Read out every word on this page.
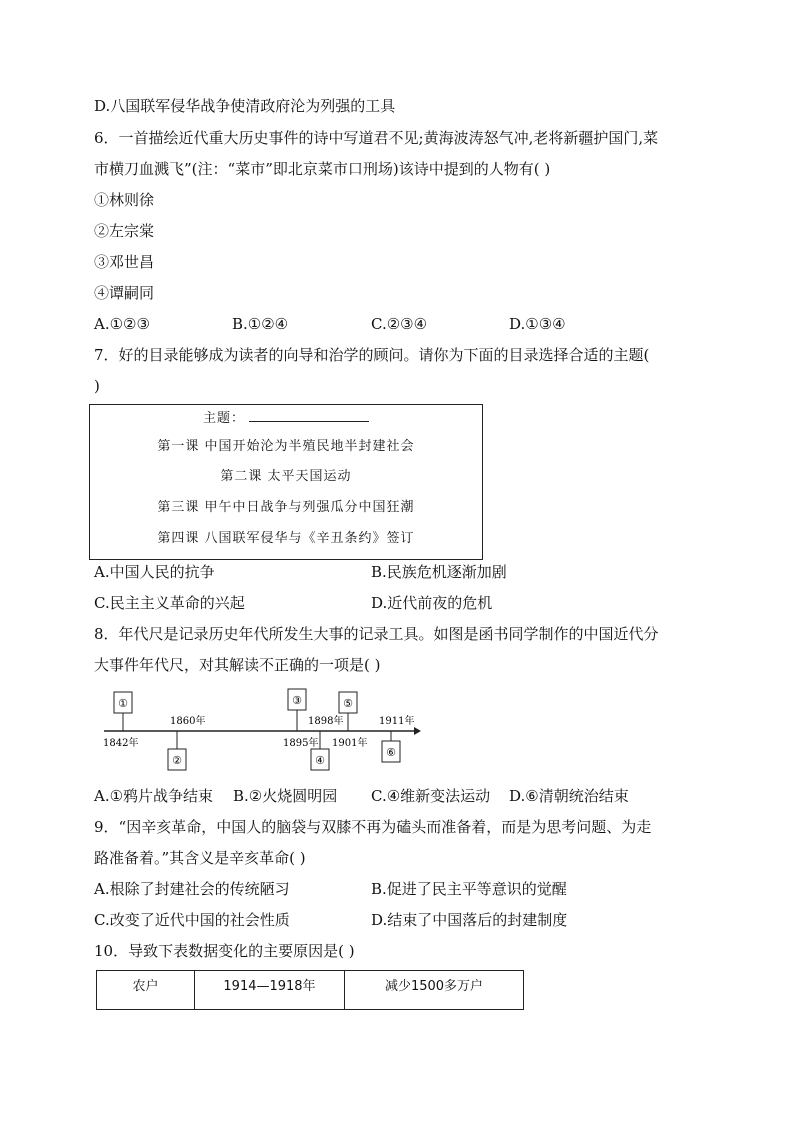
D.八国联军侵华战争使清政府沦为列强的工具
6．一首描绘近代重大历史事件的诗中写道君不见;黄海波涛怒气冲,老将新疆护国门,菜
市横刀血溅飞”(注：“菜市”即北京菜市口刑场)该诗中提到的人物有( )
①林则徐
②左宗棠
③邓世昌
④谭嗣同
A.①②③	B.①②④	C.②③④	D.①③④
7．好的目录能够成为读者的向导和治学的顾问。请你为下面的目录选择合适的主题(
)
主题：
第一课 中国开始沦为半殖民地半封建社会
第二课 太平天国运动
第三课 甲午中日战争与列强瓜分中国狂潮
第四课 八国联军侵华与《辛丑条约》签订
A.中国人民的抗争	B.民族危机逐渐加剧
C.民主主义革命的兴起	D.近代前夜的危机
8．年代尺是记录历史年代所发生大事的记录工具。如图是函书同学制作的中国近代分
大事件年代尺，对其解读不正确的一项是( )
①
②
③
④
⑤
⑥
1842年
1860年
1895年
1898年
1901年
1911年
A.①鸦片战争结束 B.②火烧圆明园 C.④维新变法运动 D.⑥清朝统治结束
9．“因辛亥革命，中国人的脑袋与双膝不再为磕头而准备着，而是为思考问题、为走
路准备着。”其含义是辛亥革命( )
A.根除了封建社会的传统陋习	B.促进了民主平等意识的觉醒
C.改变了近代中国的社会性质	D.结束了中国落后的封建制度
10．导致下表数据变化的主要原因是( )
农户	1914—1918年	减少1500多万户
